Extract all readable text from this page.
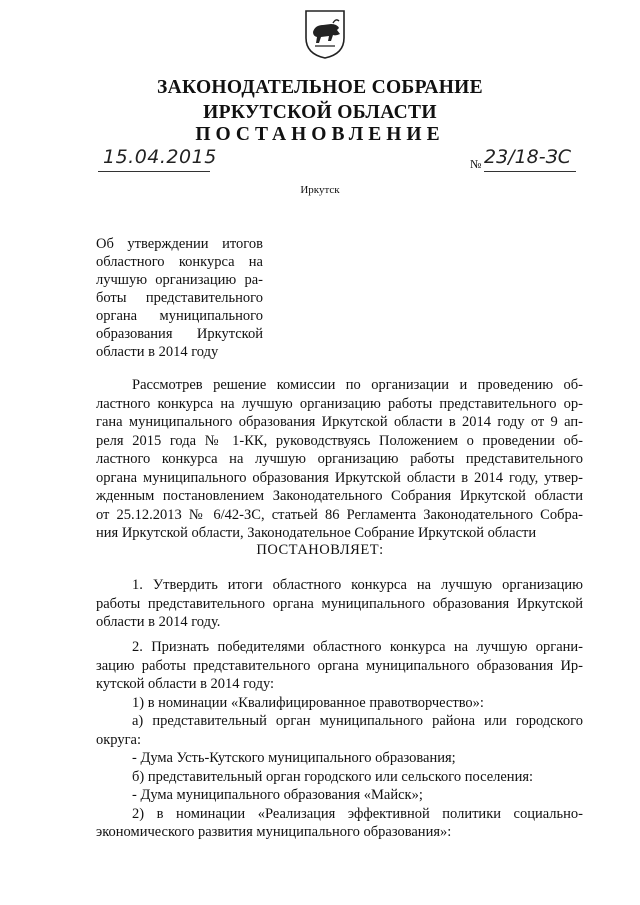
ЗАКОНОДАТЕЛЬНОЕ СОБРАНИЕ
ИРКУТСКОЙ ОБЛАСТИ
ПОСТАНОВЛЕНИЕ
15.04.2015	№ 23/18-ЗС
Иркутск
Об утверждении итогов
областного конкурса на
лучшую организацию ра-
боты представительного
органа муниципального
образования Иркутской
области в 2014 году
Рассмотрев решение комиссии по организации и проведению об-
ластного конкурса на лучшую организацию работы представительного ор-
гана муниципального образования Иркутской области в 2014 году от 9 ап-
реля 2015 года № 1-КК, руководствуясь Положением о проведении об-
ластного конкурса на лучшую организацию работы представительного
органа муниципального образования Иркутской области в 2014 году, утвер-
жденным постановлением Законодательного Собрания Иркутской области
от 25.12.2013 № 6/42-ЗС, статьей 86 Регламента Законодательного Собра-
ния Иркутской области, Законодательное Собрание Иркутской области
ПОСТАНОВЛЯЕТ:
1. Утвердить итоги областного конкурса на лучшую организацию
работы представительного органа муниципального образования Иркутской
области в 2014 году.
2. Признать победителями областного конкурса на лучшую органи-
зацию работы представительного органа муниципального образования Ир-
кутской области в 2014 году:
1) в номинации «Квалифицированное правотворчество»:
а) представительный орган муниципального района или городского
округа:
- Дума Усть-Кутского муниципального образования;
б) представительный орган городского или сельского поселения:
- Дума муниципального образования «Майск»;
2) в номинации «Реализация эффективной политики социально-
экономического развития муниципального образования»:
